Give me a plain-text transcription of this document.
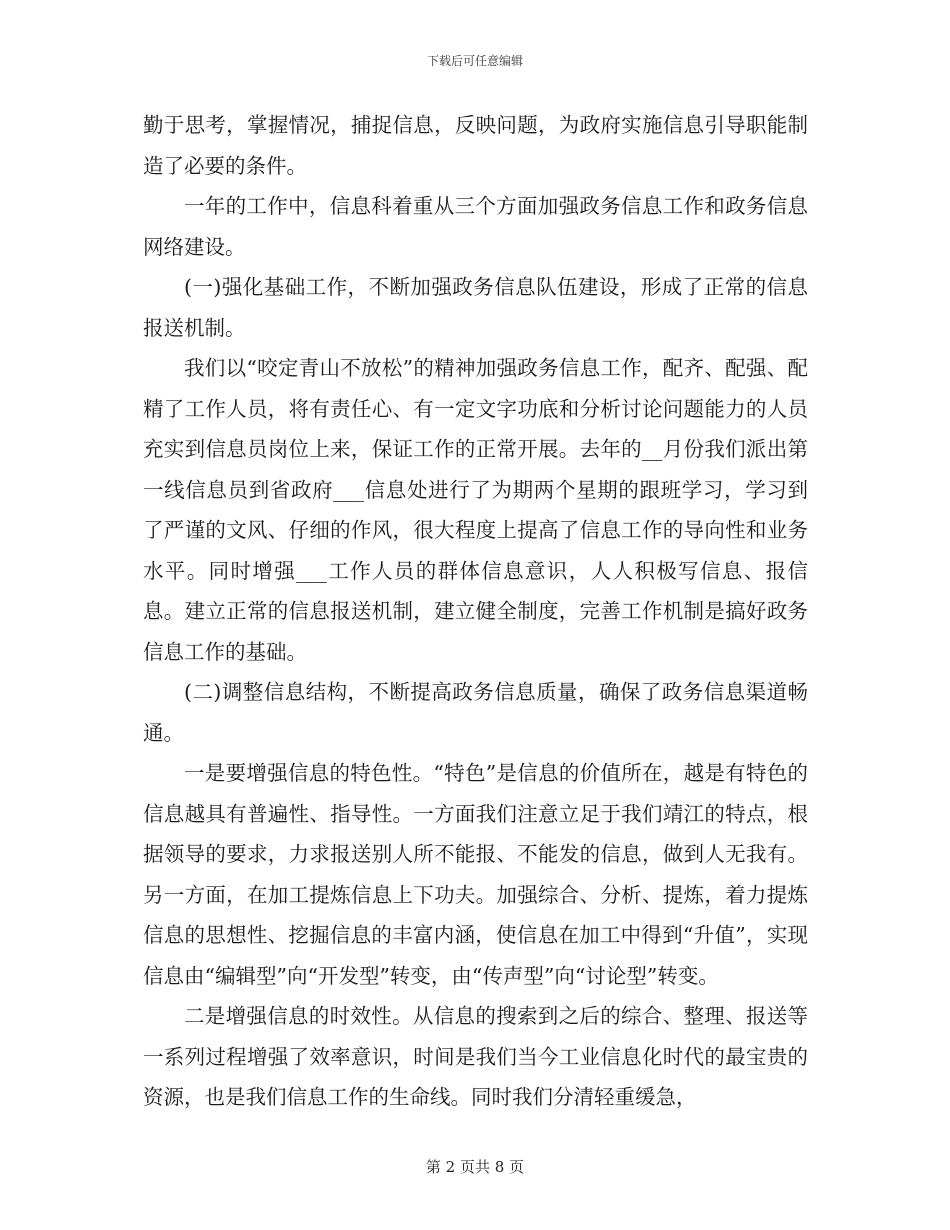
下载后可任意编辑

勤于思考，掌握情况，捕捉信息，反映问题，为政府实施信息引导职能制造了必要的条件。

一年的工作中，信息科着重从三个方面加强政务信息工作和政务信息网络建设。

(一)强化基础工作，不断加强政务信息队伍建设，形成了正常的信息报送机制。

我们以“咬定青山不放松”的精神加强政务信息工作，配齐、配强、配精了工作人员，将有责任心、有一定文字功底和分析讨论问题能力的人员充实到信息员岗位上来，保证工作的正常开展。去年的__月份我们派出第一线信息员到省政府___信息处进行了为期两个星期的跟班学习，学习到了严谨的文风、仔细的作风，很大程度上提高了信息工作的导向性和业务水平。同时增强___工作人员的群体信息意识，人人积极写信息、报信息。建立正常的信息报送机制，建立健全制度，完善工作机制是搞好政务信息工作的基础。

(二)调整信息结构，不断提高政务信息质量，确保了政务信息渠道畅通。

一是要增强信息的特色性。“特色”是信息的价值所在，越是有特色的信息越具有普遍性、指导性。一方面我们注意立足于我们靖江的特点，根据领导的要求，力求报送别人所不能报、不能发的信息，做到人无我有。另一方面，在加工提炼信息上下功夫。加强综合、分析、提炼，着力提炼信息的思想性、挖掘信息的丰富内涵，使信息在加工中得到“升值”，实现信息由“编辑型”向“开发型”转变，由“传声型”向“讨论型”转变。

二是增强信息的时效性。从信息的搜索到之后的综合、整理、报送等一系列过程增强了效率意识，时间是我们当今工业信息化时代的最宝贵的资源，也是我们信息工作的生命线。同时我们分清轻重缓急，

第 2 页共 8 页
